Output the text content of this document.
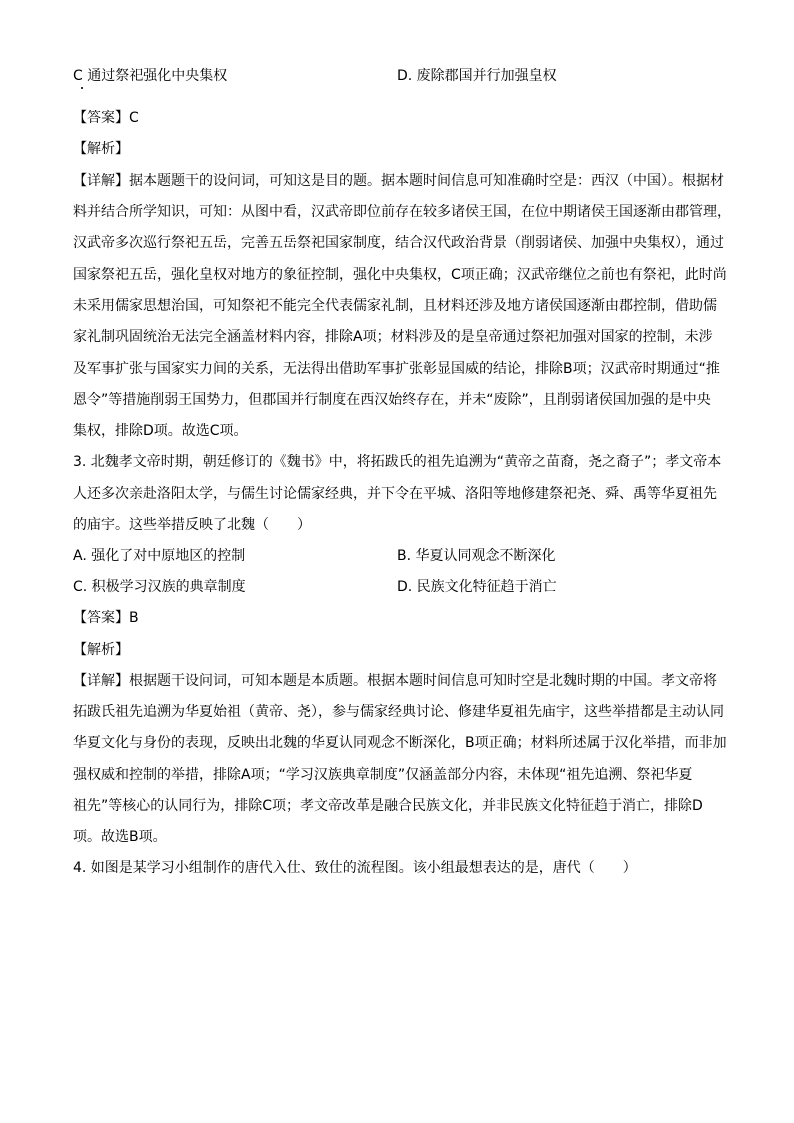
C 通过祭祀强化中央集权	D. 废除郡国并行加强皇权
【答案】C
【解析】
【详解】据本题题干的设问词，可知这是目的题。据本题时间信息可知准确时空是：西汉（中国）。根据材
料并结合所学知识，可知：从图中看，汉武帝即位前存在较多诸侯王国，在位中期诸侯王国逐渐由郡管理，
汉武帝多次巡行祭祀五岳，完善五岳祭祀国家制度，结合汉代政治背景（削弱诸侯、加强中央集权），通过
国家祭祀五岳，强化皇权对地方的象征控制，强化中央集权，C项正确；汉武帝继位之前也有祭祀，此时尚
未采用儒家思想治国，可知祭祀不能完全代表儒家礼制，且材料还涉及地方诸侯国逐渐由郡控制，借助儒
家礼制巩固统治无法完全涵盖材料内容，排除A项；材料涉及的是皇帝通过祭祀加强对国家的控制，未涉
及军事扩张与国家实力间的关系，无法得出借助军事扩张彰显国威的结论，排除B项；汉武帝时期通过“推
恩令”等措施削弱王国势力，但郡国并行制度在西汉始终存在，并未“废除”，且削弱诸侯国加强的是中央
集权，排除D项。故选C项。
3. 北魏孝文帝时期，朝廷修订的《魏书》中，将拓跋氏的祖先追溯为“黄帝之苗裔，尧之裔子”；孝文帝本
人还多次亲赴洛阳太学，与儒生讨论儒家经典，并下令在平城、洛阳等地修建祭祀尧、舜、禹等华夏祖先
的庙宇。这些举措反映了北魏（　　）
A. 强化了对中原地区的控制	B. 华夏认同观念不断深化
C. 积极学习汉族的典章制度	D. 民族文化特征趋于消亡
【答案】B
【解析】
【详解】根据题干设问词，可知本题是本质题。根据本题时间信息可知时空是北魏时期的中国。孝文帝将
拓跋氏祖先追溯为华夏始祖（黄帝、尧），参与儒家经典讨论、修建华夏祖先庙宇，这些举措都是主动认同
华夏文化与身份的表现，反映出北魏的华夏认同观念不断深化，B项正确；材料所述属于汉化举措，而非加
强权威和控制的举措，排除A项；“学习汉族典章制度”仅涵盖部分内容，未体现“祖先追溯、祭祀华夏
祖先”等核心的认同行为，排除C项；孝文帝改革是融合民族文化，并非民族文化特征趋于消亡，排除D
项。故选B项。
4. 如图是某学习小组制作的唐代入仕、致仕的流程图。该小组最想表达的是，唐代（　　）
